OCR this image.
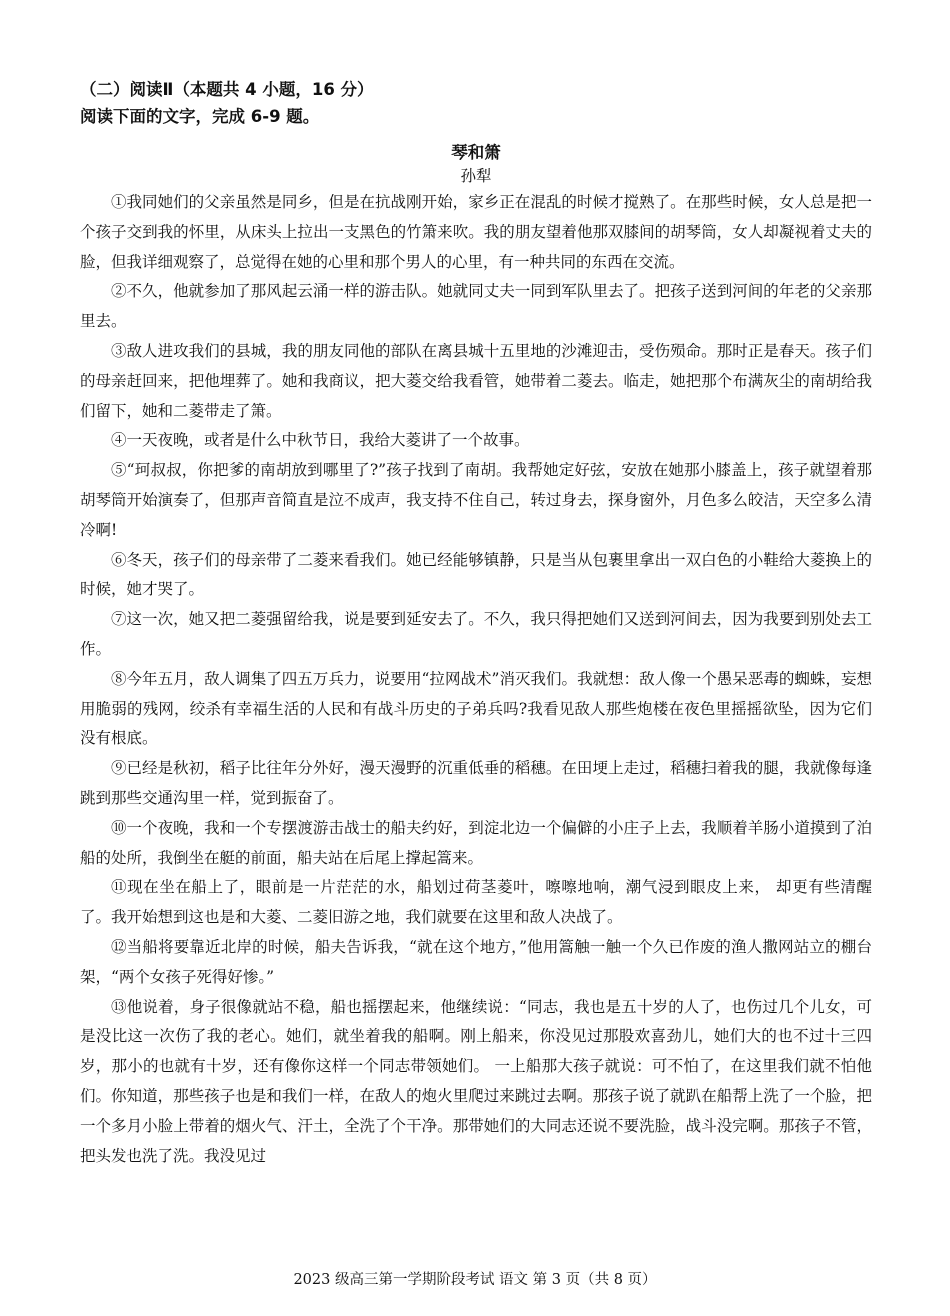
（二）阅读Ⅱ（本题共 4 小题，16 分）

阅读下面的文字，完成 6-9 题。

琴和箫
孙犁

①我同她们的父亲虽然是同乡，但是在抗战刚开始，家乡正在混乱的时候才搅熟了。在那些时候，女人总是把一个孩子交到我的怀里，从床头上拉出一支黑色的竹箫来吹。我的朋友望着他那双膝间的胡琴筒，女人却凝视着丈夫的脸，但我详细观察了，总觉得在她的心里和那个男人的心里，有一种共同的东西在交流。

②不久，他就参加了那风起云涌一样的游击队。她就同丈夫一同到军队里去了。把孩子送到河间的年老的父亲那里去。

③敌人进攻我们的县城，我的朋友同他的部队在离县城十五里地的沙滩迎击，受伤殒命。那时正是春天。孩子们的母亲赶回来，把他埋葬了。她和我商议，把大菱交给我看管，她带着二菱去。临走，她把那个布满灰尘的南胡给我们留下，她和二菱带走了箫。

④一天夜晚，或者是什么中秋节日，我给大菱讲了一个故事。

⑤“珂叔叔，你把爹的南胡放到哪里了?”孩子找到了南胡。我帮她定好弦，安放在她那小膝盖上，孩子就望着那胡琴筒开始演奏了，但那声音简直是泣不成声，我支持不住自己，转过身去，探身窗外，月色多么皎洁，天空多么清冷啊!

⑥冬天，孩子们的母亲带了二菱来看我们。她已经能够镇静，只是当从包裹里拿出一双白色的小鞋给大菱换上的时候，她才哭了。

⑦这一次，她又把二菱强留给我，说是要到延安去了。不久，我只得把她们又送到河间去，因为我要到别处去工作。

⑧今年五月，敌人调集了四五万兵力，说要用“拉网战术”消灭我们。我就想：敌人像一个愚呆恶毒的蜘蛛，妄想用脆弱的残网，绞杀有幸福生活的人民和有战斗历史的子弟兵吗?我看见敌人那些炮楼在夜色里摇摇欲坠，因为它们没有根底。

⑨已经是秋初，稻子比往年分外好，漫天漫野的沉重低垂的稻穗。在田埂上走过，稻穗扫着我的腿，我就像每逢跳到那些交通沟里一样，觉到振奋了。

⑩一个夜晚，我和一个专摆渡游击战士的船夫约好，到淀北边一个偏僻的小庄子上去，我顺着羊肠小道摸到了泊船的处所，我倒坐在艇的前面，船夫站在后尾上撑起篙来。

⑪现在坐在船上了，眼前是一片茫茫的水，船划过荷茎菱叶，嚓嚓地响，潮气浸到眼皮上来， 却更有些清醒了。我开始想到这也是和大菱、二菱旧游之地，我们就要在这里和敌人决战了。

⑫当船将要靠近北岸的时候，船夫告诉我，“就在这个地方，”他用篙触一触一个久已作废的渔人撒网站立的棚台架，“两个女孩子死得好惨。”

⑬他说着，身子很像就站不稳，船也摇摆起来，他继续说：“同志，我也是五十岁的人了，也伤过几个儿女，可是没比这一次伤了我的老心。她们，就坐着我的船啊。刚上船来，你没见过那股欢喜劲儿，她们大的也不过十三四岁，那小的也就有十岁，还有像你这样一个同志带领她们。 一上船那大孩子就说：可不怕了，在这里我们就不怕他们。你知道，那些孩子也是和我们一样，在敌人的炮火里爬过来跳过去啊。那孩子说了就趴在船帮上洗了一个脸，把一个多月小脸上带着的烟火气、汗土，全洗了个干净。那带她们的大同志还说不要洗脸，战斗没完啊。那孩子不管，把头发也洗了洗。我没见过

2023 级高三第一学期阶段考试 语文 第 3 页（共 8 页）
